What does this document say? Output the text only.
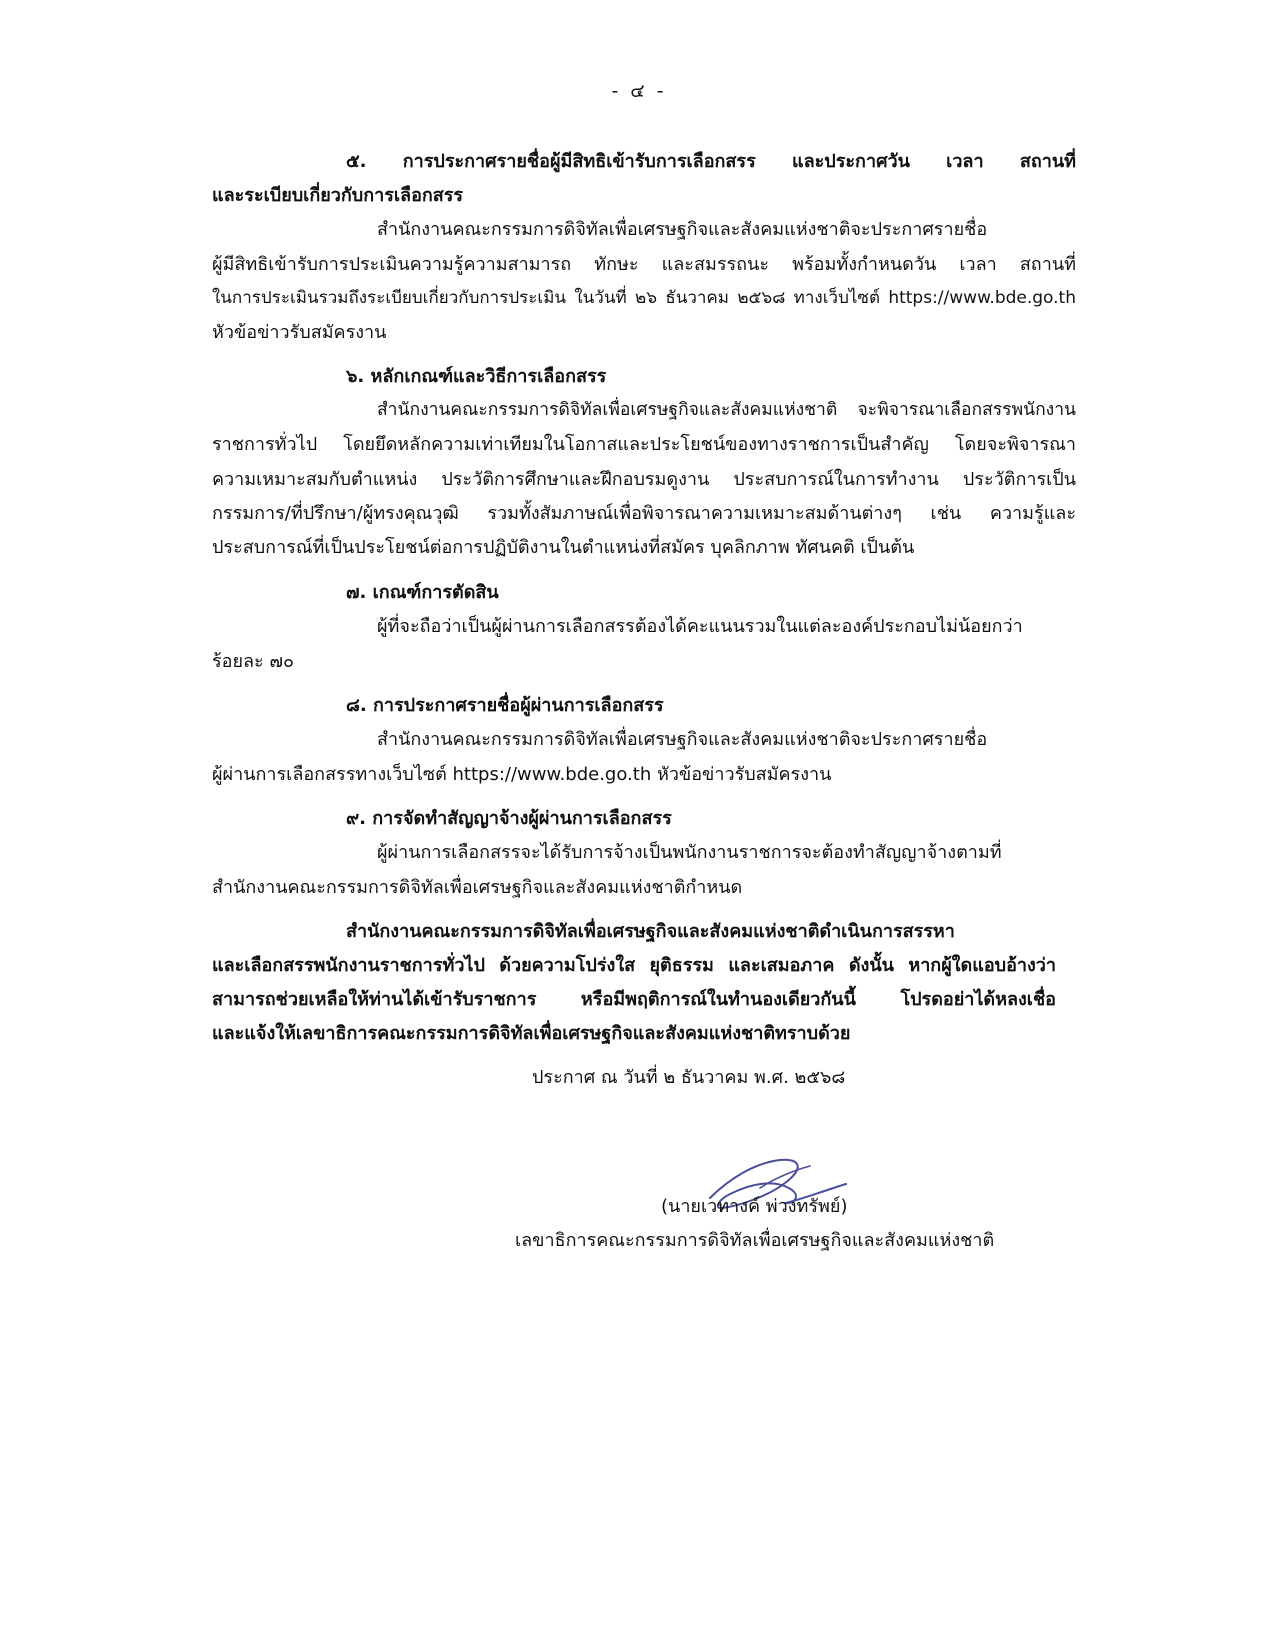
- ๔ -
๕. การประกาศรายชื่อผู้มีสิทธิเข้ารับการเลือกสรร และประกาศวัน เวลา สถานที่
และระเบียบเกี่ยวกับการเลือกสรร
สำนักงานคณะกรรมการดิจิทัลเพื่อเศรษฐกิจและสังคมแห่งชาติจะประกาศรายชื่อ
ผู้มีสิทธิเข้ารับการประเมินความรู้ความสามารถ ทักษะ และสมรรถนะ พร้อมทั้งกำหนดวัน เวลา สถานที่
ในการประเมินรวมถึงระเบียบเกี่ยวกับการประเมิน ในวันที่ ๒๖ ธันวาคม ๒๕๖๘ ทางเว็บไซต์ https://www.bde.go.th
หัวข้อข่าวรับสมัครงาน
๖. หลักเกณฑ์และวิธีการเลือกสรร
สำนักงานคณะกรรมการดิจิทัลเพื่อเศรษฐกิจและสังคมแห่งชาติ จะพิจารณาเลือกสรรพนักงาน
ราชการทั่วไป โดยยึดหลักความเท่าเทียมในโอกาสและประโยชน์ของทางราชการเป็นสำคัญ โดยจะพิจารณา
ความเหมาะสมกับตำแหน่ง ประวัติการศึกษาและฝึกอบรมดูงาน ประสบการณ์ในการทำงาน ประวัติการเป็น
กรรมการ/ที่ปรึกษา/ผู้ทรงคุณวุฒิ รวมทั้งสัมภาษณ์เพื่อพิจารณาความเหมาะสมด้านต่างๆ เช่น ความรู้และ
ประสบการณ์ที่เป็นประโยชน์ต่อการปฏิบัติงานในตำแหน่งที่สมัคร บุคลิกภาพ ทัศนคติ เป็นต้น
๗. เกณฑ์การตัดสิน
ผู้ที่จะถือว่าเป็นผู้ผ่านการเลือกสรรต้องได้คะแนนรวมในแต่ละองค์ประกอบไม่น้อยกว่า
ร้อยละ ๗๐
๘. การประกาศรายชื่อผู้ผ่านการเลือกสรร
สำนักงานคณะกรรมการดิจิทัลเพื่อเศรษฐกิจและสังคมแห่งชาติจะประกาศรายชื่อ
ผู้ผ่านการเลือกสรรทางเว็บไซต์ https://www.bde.go.th หัวข้อข่าวรับสมัครงาน
๙. การจัดทำสัญญาจ้างผู้ผ่านการเลือกสรร
ผู้ผ่านการเลือกสรรจะได้รับการจ้างเป็นพนักงานราชการจะต้องทำสัญญาจ้างตามที่
สำนักงานคณะกรรมการดิจิทัลเพื่อเศรษฐกิจและสังคมแห่งชาติกำหนด
สำนักงานคณะกรรมการดิจิทัลเพื่อเศรษฐกิจและสังคมแห่งชาติดำเนินการสรรหา
และเลือกสรรพนักงานราชการทั่วไป ด้วยความโปร่งใส ยุติธรรม และเสมอภาค ดังนั้น หากผู้ใดแอบอ้างว่า
สามารถช่วยเหลือให้ท่านได้เข้ารับราชการ หรือมีพฤติการณ์ในทำนองเดียวกันนี้ โปรดอย่าได้หลงเชื่อ
และแจ้งให้เลขาธิการคณะกรรมการดิจิทัลเพื่อเศรษฐกิจและสังคมแห่งชาติทราบด้วย
ประกาศ ณ วันที่ ๒ ธันวาคม พ.ศ. ๒๕๖๘
(นายเวทางค์ พ่วงทรัพย์)
เลขาธิการคณะกรรมการดิจิทัลเพื่อเศรษฐกิจและสังคมแห่งชาติ
